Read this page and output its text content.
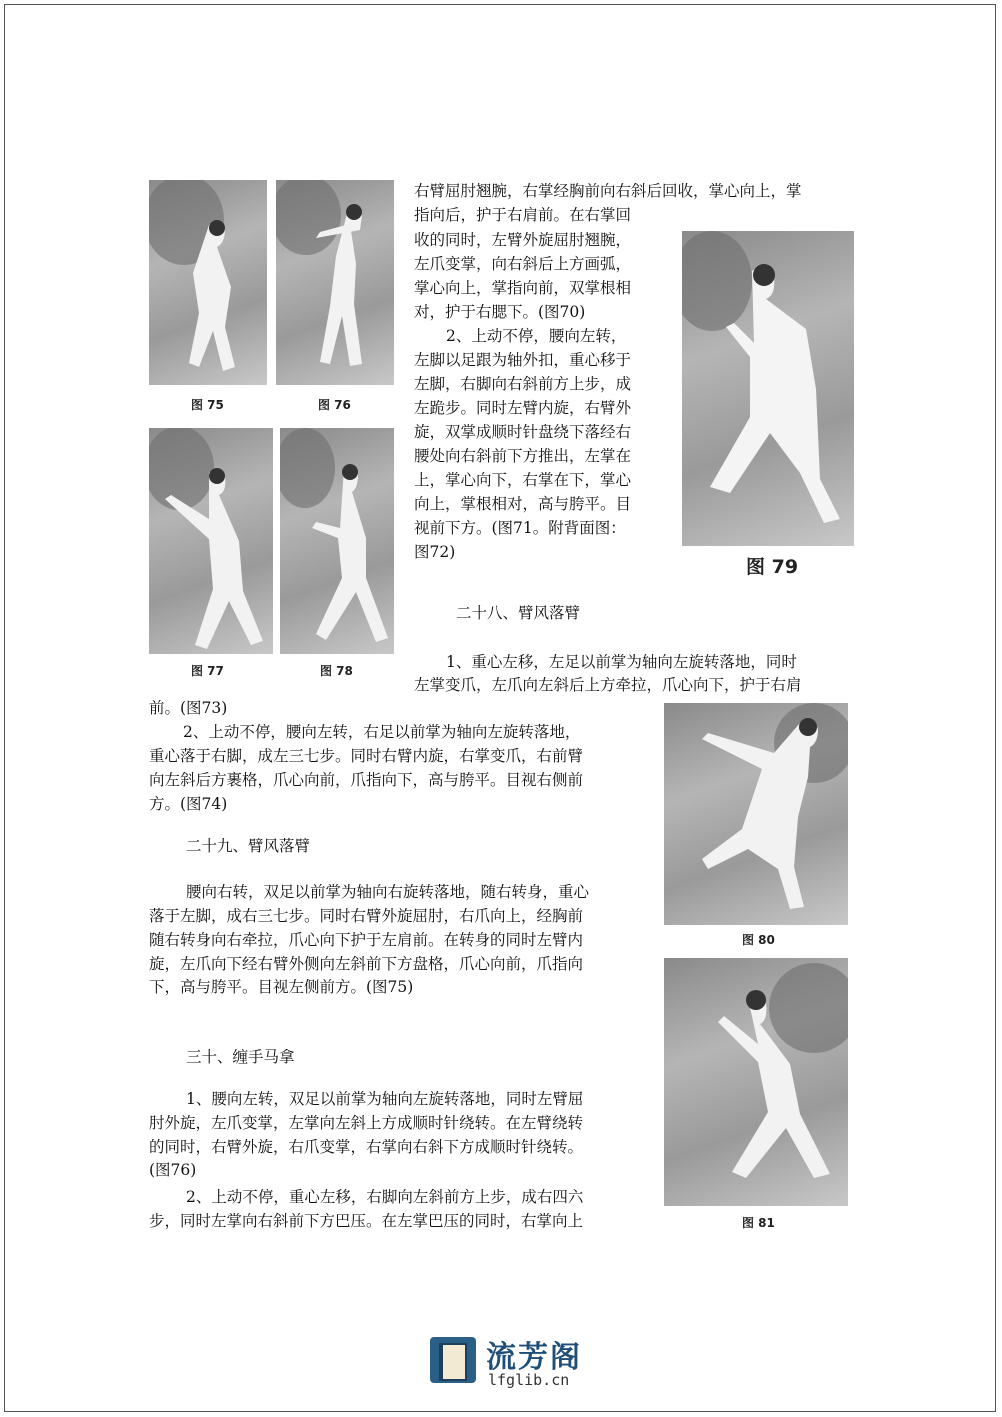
图 75	图 76
图 77	图 78
图 79
图 80
图 81
右臂屈肘翘腕，右掌经胸前向右斜后回收，掌心向上，掌
指向后，护于右肩前。在右掌回
收的同时，左臂外旋屈肘翘腕，
左爪变掌，向右斜后上方画弧，
掌心向上，掌指向前，双掌根相
对，护于右腮下。(图70)
2、上动不停，腰向左转，
左脚以足跟为轴外扣，重心移于
左脚，右脚向右斜前方上步，成
左跪步。同时左臂内旋，右臂外
旋，双掌成顺时针盘绕下落经右
腰处向右斜前下方推出，左掌在
上，掌心向下，右掌在下，掌心
向上，掌根相对，高与胯平。目
视前下方。(图71。附背面图：
图72)
二十八、臂风落臂
1、重心左移，左足以前掌为轴向左旋转落地，同时
左掌变爪，左爪向左斜后上方牵拉，爪心向下，护于右肩
前。(图73)
2、上动不停，腰向左转，右足以前掌为轴向左旋转落地，
重心落于右脚，成左三七步。同时右臂内旋，右掌变爪，右前臂
向左斜后方裹格，爪心向前，爪指向下，高与胯平。目视右侧前
方。(图74)
二十九、臂风落臂
腰向右转，双足以前掌为轴向右旋转落地，随右转身，重心
落于左脚，成右三七步。同时右臂外旋屈肘，右爪向上，经胸前
随右转身向右牵拉，爪心向下护于左肩前。在转身的同时左臂内
旋，左爪向下经右臂外侧向左斜前下方盘格，爪心向前，爪指向
下，高与胯平。目视左侧前方。(图75)
三十、缠手马拿
1、腰向左转，双足以前掌为轴向左旋转落地，同时左臂屈
肘外旋，左爪变掌，左掌向左斜上方成顺时针绕转。在左臂绕转
的同时，右臂外旋，右爪变掌，右掌向右斜下方成顺时针绕转。
(图76)
2、上动不停，重心左移，右脚向左斜前方上步，成右四六
步，同时左掌向右斜前下方巴压。在左掌巴压的同时，右掌向上
流芳阁
lfglib.cn
